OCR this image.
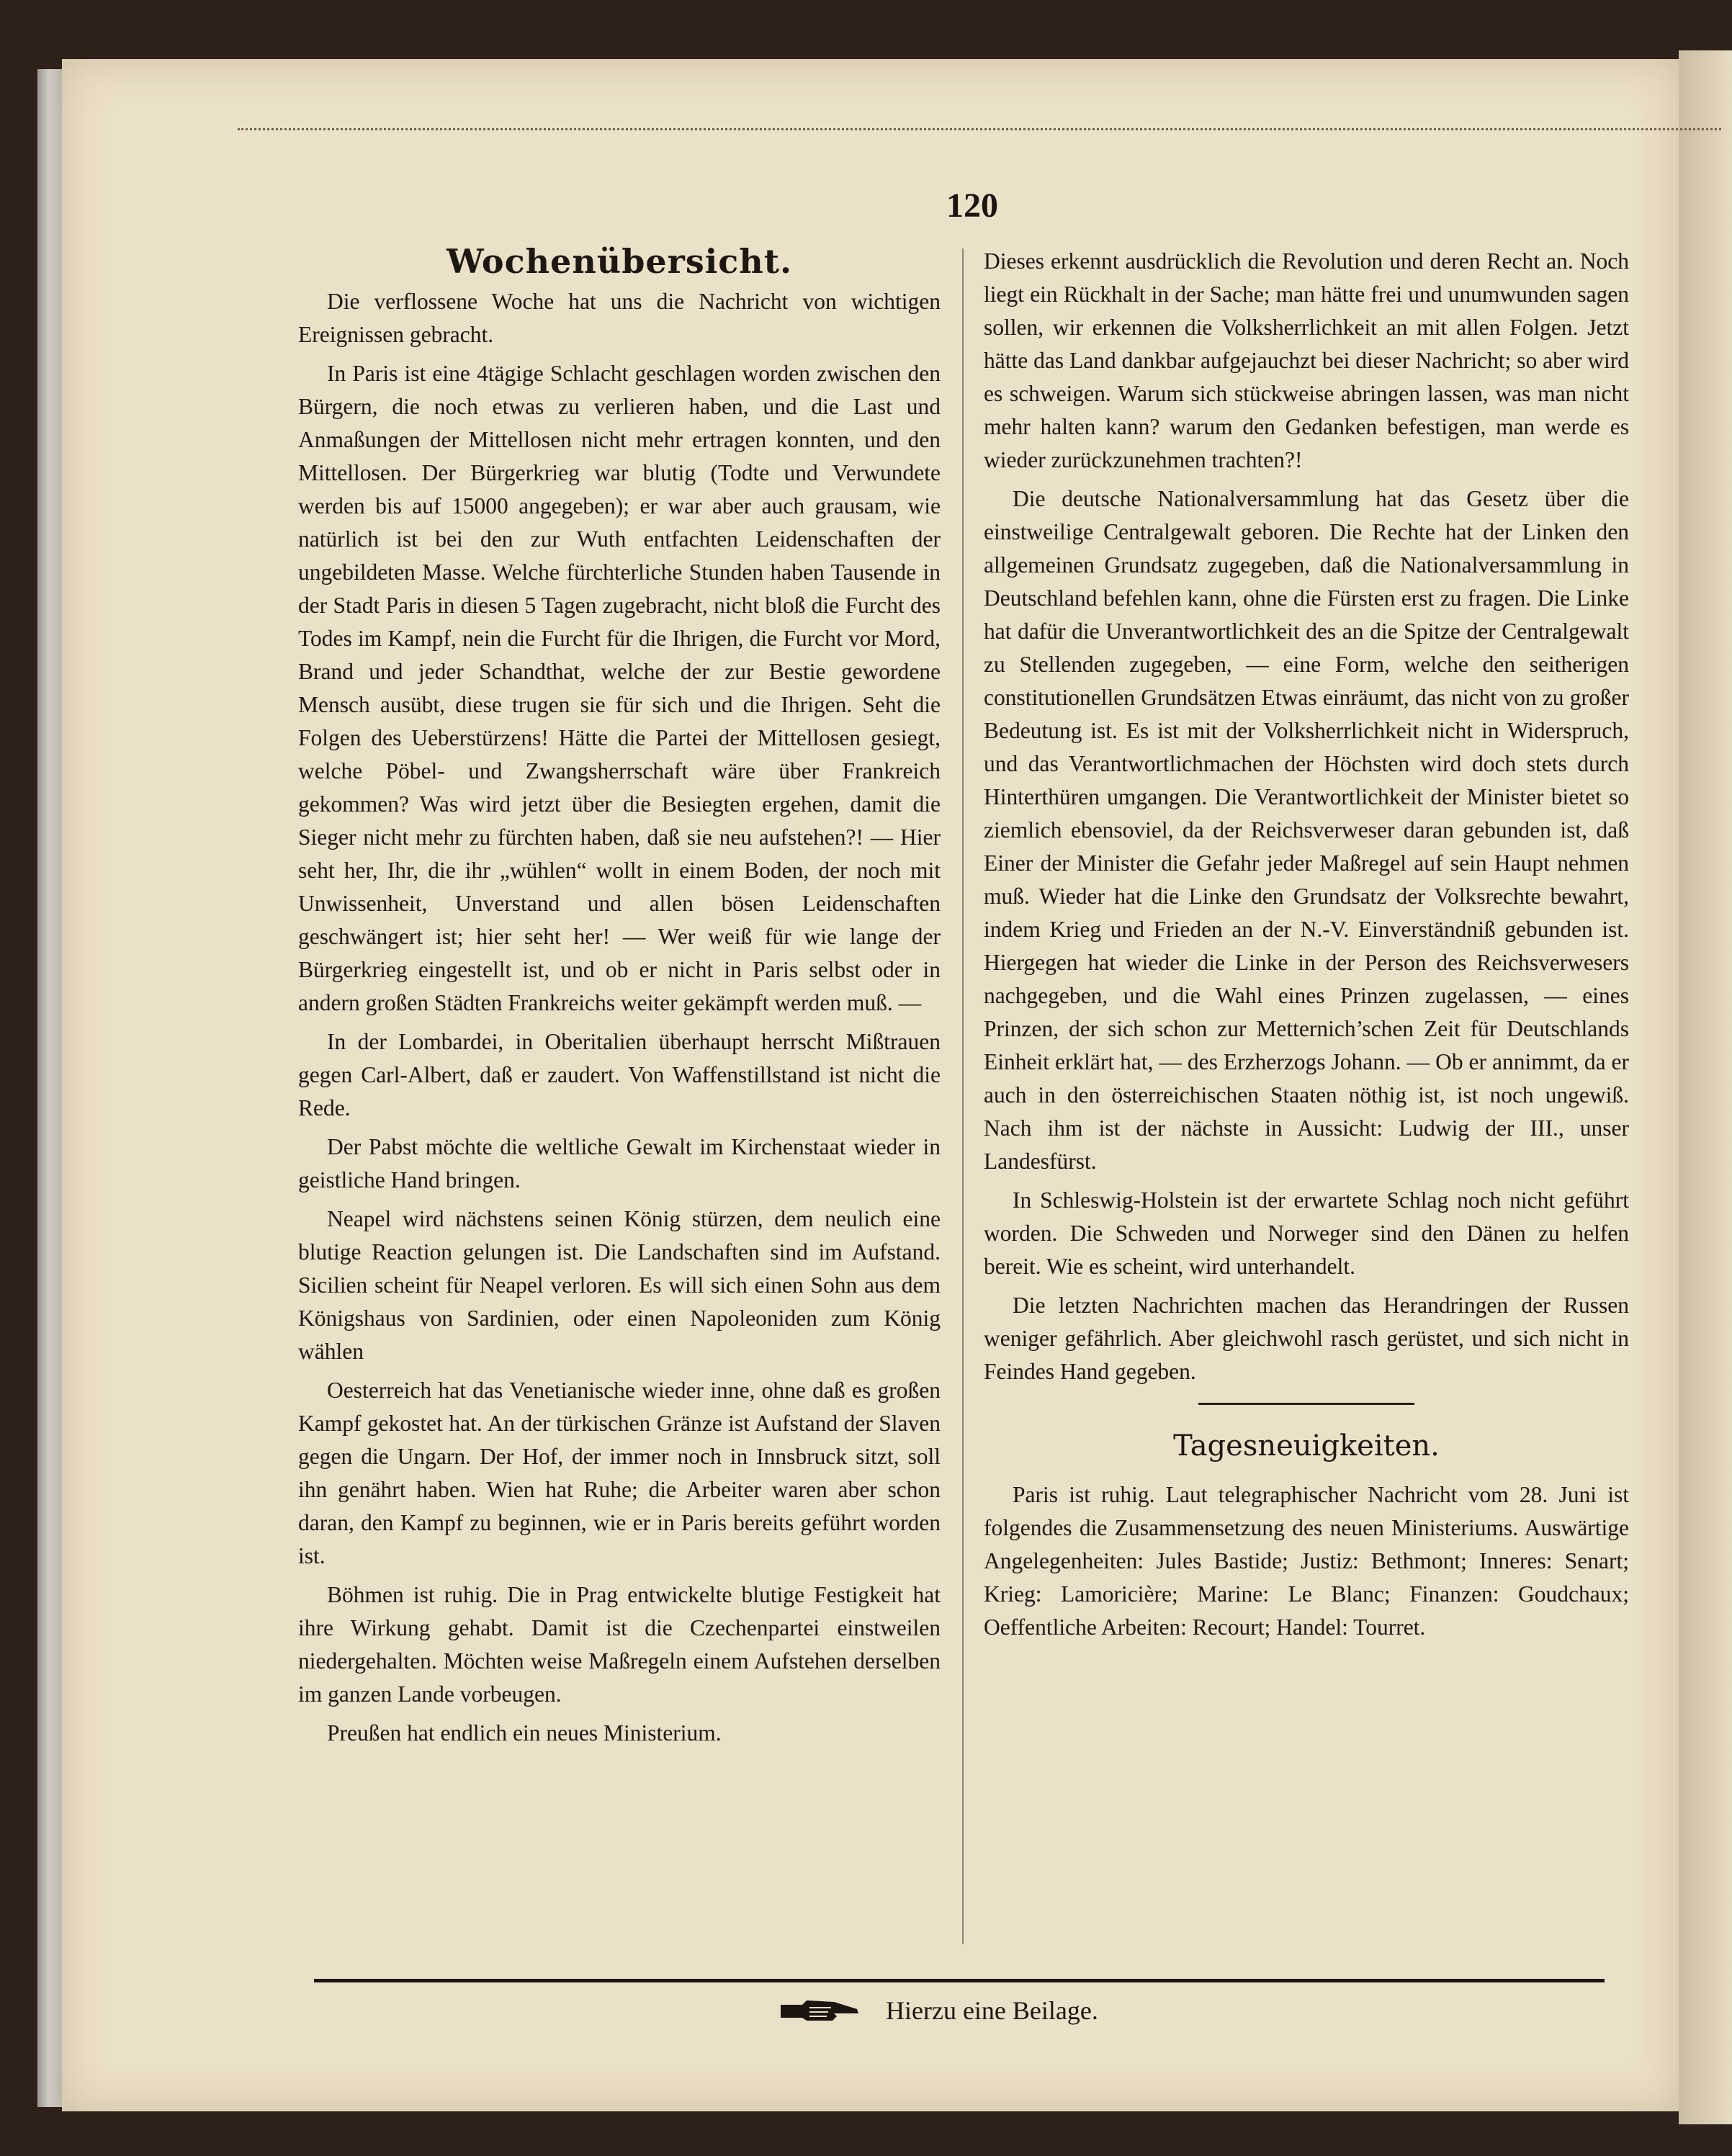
120
Wochenübersicht.

Die verflossene Woche hat uns die Nachricht von wichtigen Ereignissen gebracht.

In Paris ist eine 4tägige Schlacht geschlagen worden zwischen den Bürgern, die noch etwas zu verlieren haben, und die Last und Anmaßungen der Mittellosen nicht mehr ertragen konnten, und den Mittellosen. Der Bürgerkrieg war blutig (Todte und Verwundete werden bis auf 15000 angegeben); er war aber auch grausam, wie natürlich ist bei den zur Wuth entfachten Leidenschaften der ungebildeten Masse. Welche fürchterliche Stunden haben Tausende in der Stadt Paris in diesen 5 Tagen zugebracht, nicht bloß die Furcht des Todes im Kampf, nein die Furcht für die Ihrigen, die Furcht vor Mord, Brand und jeder Schandthat, welche der zur Bestie gewordene Mensch ausübt, diese trugen sie für sich und die Ihrigen. Seht die Folgen des Ueberstürzens! Hätte die Partei der Mittellosen gesiegt, welche Pöbel- und Zwangsherrschaft wäre über Frankreich gekommen? Was wird jetzt über die Besiegten ergehen, damit die Sieger nicht mehr zu fürchten haben, daß sie neu aufstehen?! — Hier seht her, Ihr, die ihr „wühlen“ wollt in einem Boden, der noch mit Unwissenheit, Unverstand und allen bösen Leidenschaften geschwängert ist; hier seht her! — Wer weiß für wie lange der Bürgerkrieg eingestellt ist, und ob er nicht in Paris selbst oder in andern großen Städten Frankreichs weiter gekämpft werden muß. —

In der Lombardei, in Oberitalien überhaupt herrscht Mißtrauen gegen Carl-Albert, daß er zaudert. Von Waffenstillstand ist nicht die Rede.

Der Pabst möchte die weltliche Gewalt im Kirchenstaat wieder in geistliche Hand bringen.

Neapel wird nächstens seinen König stürzen, dem neulich eine blutige Reaction gelungen ist. Die Landschaften sind im Aufstand. Sicilien scheint für Neapel verloren. Es will sich einen Sohn aus dem Königshaus von Sardinien, oder einen Napoleoniden zum König wählen

Oesterreich hat das Venetianische wieder inne, ohne daß es großen Kampf gekostet hat. An der türkischen Gränze ist Aufstand der Slaven gegen die Ungarn. Der Hof, der immer noch in Innsbruck sitzt, soll ihn genährt haben. Wien hat Ruhe; die Arbeiter waren aber schon daran, den Kampf zu beginnen, wie er in Paris bereits geführt worden ist.

Böhmen ist ruhig. Die in Prag entwickelte blutige Festigkeit hat ihre Wirkung gehabt. Damit ist die Czechenpartei einstweilen niedergehalten. Möchten weise Maßregeln einem Aufstehen derselben im ganzen Lande vorbeugen.

Preußen hat endlich ein neues Ministerium.

Dieses erkennt ausdrücklich die Revolution und deren Recht an. Noch liegt ein Rückhalt in der Sache; man hätte frei und unumwunden sagen sollen, wir erkennen die Volksherrlichkeit an mit allen Folgen. Jetzt hätte das Land dankbar aufgejauchzt bei dieser Nachricht; so aber wird es schweigen. Warum sich stückweise abringen lassen, was man nicht mehr halten kann? warum den Gedanken befestigen, man werde es wieder zurückzunehmen trachten?!

Die deutsche Nationalversammlung hat das Gesetz über die einstweilige Centralgewalt geboren. Die Rechte hat der Linken den allgemeinen Grundsatz zugegeben, daß die Nationalversammlung in Deutschland befehlen kann, ohne die Fürsten erst zu fragen. Die Linke hat dafür die Unverantwortlichkeit des an die Spitze der Centralgewalt zu Stellenden zugegeben, — eine Form, welche den seitherigen constitutionellen Grundsätzen Etwas einräumt, das nicht von zu großer Bedeutung ist. Es ist mit der Volksherrlichkeit nicht in Widerspruch, und das Verantwortlichmachen der Höchsten wird doch stets durch Hinterthüren umgangen. Die Verantwortlichkeit der Minister bietet so ziemlich ebensoviel, da der Reichsverweser daran gebunden ist, daß Einer der Minister die Gefahr jeder Maßregel auf sein Haupt nehmen muß. Wieder hat die Linke den Grundsatz der Volksrechte bewahrt, indem Krieg und Frieden an der N.-V. Einverständniß gebunden ist. Hiergegen hat wieder die Linke in der Person des Reichsverwesers nachgegeben, und die Wahl eines Prinzen zugelassen, — eines Prinzen, der sich schon zur Metternich’schen Zeit für Deutschlands Einheit erklärt hat, — des Erzherzogs Johann. — Ob er annimmt, da er auch in den österreichischen Staaten nöthig ist, ist noch ungewiß. Nach ihm ist der nächste in Aussicht: Ludwig der III., unser Landesfürst.

In Schleswig-Holstein ist der erwartete Schlag noch nicht geführt worden. Die Schweden und Norweger sind den Dänen zu helfen bereit. Wie es scheint, wird unterhandelt.

Die letzten Nachrichten machen das Herandringen der Russen weniger gefährlich. Aber gleichwohl rasch gerüstet, und sich nicht in Feindes Hand gegeben.

Tagesneuigkeiten.

Paris ist ruhig. Laut telegraphischer Nachricht vom 28. Juni ist folgendes die Zusammensetzung des neuen Ministeriums. Auswärtige Angelegenheiten: Jules Bastide; Justiz: Bethmont; Inneres: Senart; Krieg: Lamoricière; Marine: Le Blanc; Finanzen: Goudchaux; Oeffentliche Arbeiten: Recourt; Handel: Tourret.

Hierzu eine Beilage.
